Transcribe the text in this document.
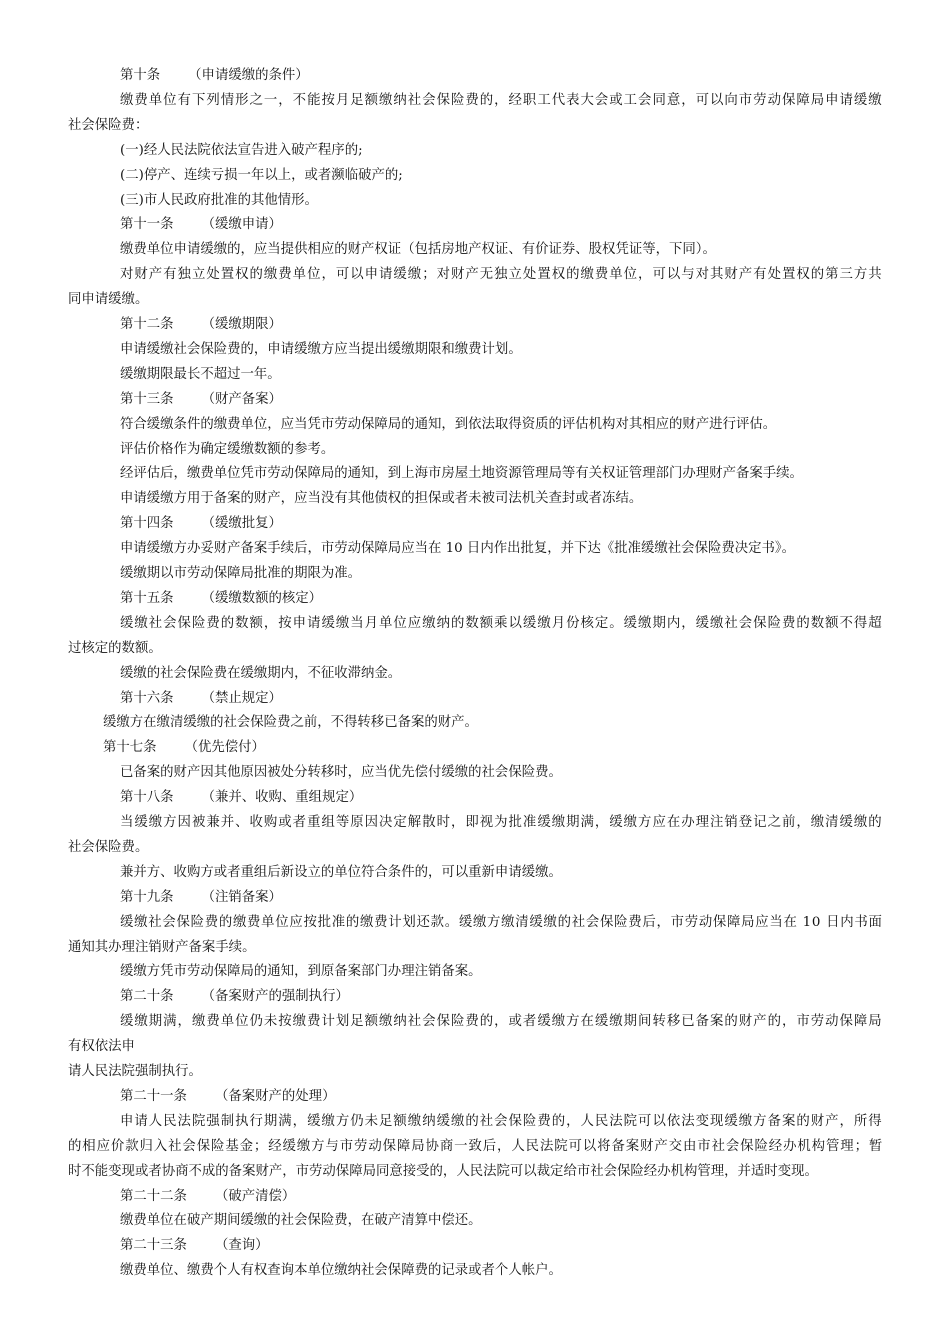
第十条 （申请缓缴的条件）
缴费单位有下列情形之一，不能按月足额缴纳社会保险费的，经职工代表大会或工会同意，可以向市劳动保障局申请缓缴
社会保险费：
(一)经人民法院依法宣告进入破产程序的;
(二)停产、连续亏损一年以上，或者濒临破产的;
(三)市人民政府批准的其他情形。
第十一条 （缓缴申请）
缴费单位申请缓缴的，应当提供相应的财产权证（包括房地产权证、有价证券、股权凭证等，下同）。
对财产有独立处置权的缴费单位，可以申请缓缴；对财产无独立处置权的缴费单位，可以与对其财产有处置权的第三方共
同申请缓缴。
第十二条 （缓缴期限）
申请缓缴社会保险费的，申请缓缴方应当提出缓缴期限和缴费计划。
缓缴期限最长不超过一年。
第十三条 （财产备案）
符合缓缴条件的缴费单位，应当凭市劳动保障局的通知，到依法取得资质的评估机构对其相应的财产进行评估。
评估价格作为确定缓缴数额的参考。
经评估后，缴费单位凭市劳动保障局的通知，到上海市房屋土地资源管理局等有关权证管理部门办理财产备案手续。
申请缓缴方用于备案的财产，应当没有其他债权的担保或者未被司法机关查封或者冻结。
第十四条 （缓缴批复）
申请缓缴方办妥财产备案手续后，市劳动保障局应当在 10 日内作出批复，并下达《批准缓缴社会保险费决定书》。
缓缴期以市劳动保障局批准的期限为准。
第十五条 （缓缴数额的核定）
缓缴社会保险费的数额，按申请缓缴当月单位应缴纳的数额乘以缓缴月份核定。缓缴期内，缓缴社会保险费的数额不得超
过核定的数额。
缓缴的社会保险费在缓缴期内，不征收滞纳金。
第十六条 （禁止规定）
缓缴方在缴清缓缴的社会保险费之前，不得转移已备案的财产。
第十七条 （优先偿付）
已备案的财产因其他原因被处分转移时，应当优先偿付缓缴的社会保险费。
第十八条 （兼并、收购、重组规定）
当缓缴方因被兼并、收购或者重组等原因决定解散时，即视为批准缓缴期满，缓缴方应在办理注销登记之前，缴清缓缴的
社会保险费。
兼并方、收购方或者重组后新设立的单位符合条件的，可以重新申请缓缴。
第十九条 （注销备案）
缓缴社会保险费的缴费单位应按批准的缴费计划还款。缓缴方缴清缓缴的社会保险费后，市劳动保障局应当在 10 日内书面
通知其办理注销财产备案手续。
缓缴方凭市劳动保障局的通知，到原备案部门办理注销备案。
第二十条 （备案财产的强制执行）
缓缴期满，缴费单位仍未按缴费计划足额缴纳社会保险费的，或者缓缴方在缓缴期间转移已备案的财产的，市劳动保障局
有权依法申
请人民法院强制执行。
第二十一条 （备案财产的处理）
申请人民法院强制执行期满，缓缴方仍未足额缴纳缓缴的社会保险费的，人民法院可以依法变现缓缴方备案的财产，所得
的相应价款归入社会保险基金；经缓缴方与市劳动保障局协商一致后，人民法院可以将备案财产交由市社会保险经办机构管理；暂
时不能变现或者协商不成的备案财产，市劳动保障局同意接受的，人民法院可以裁定给市社会保险经办机构管理，并适时变现。
第二十二条 （破产清偿）
缴费单位在破产期间缓缴的社会保险费，在破产清算中偿还。
第二十三条 （查询）
缴费单位、缴费个人有权查询本单位缴纳社会保障费的记录或者个人帐户。
